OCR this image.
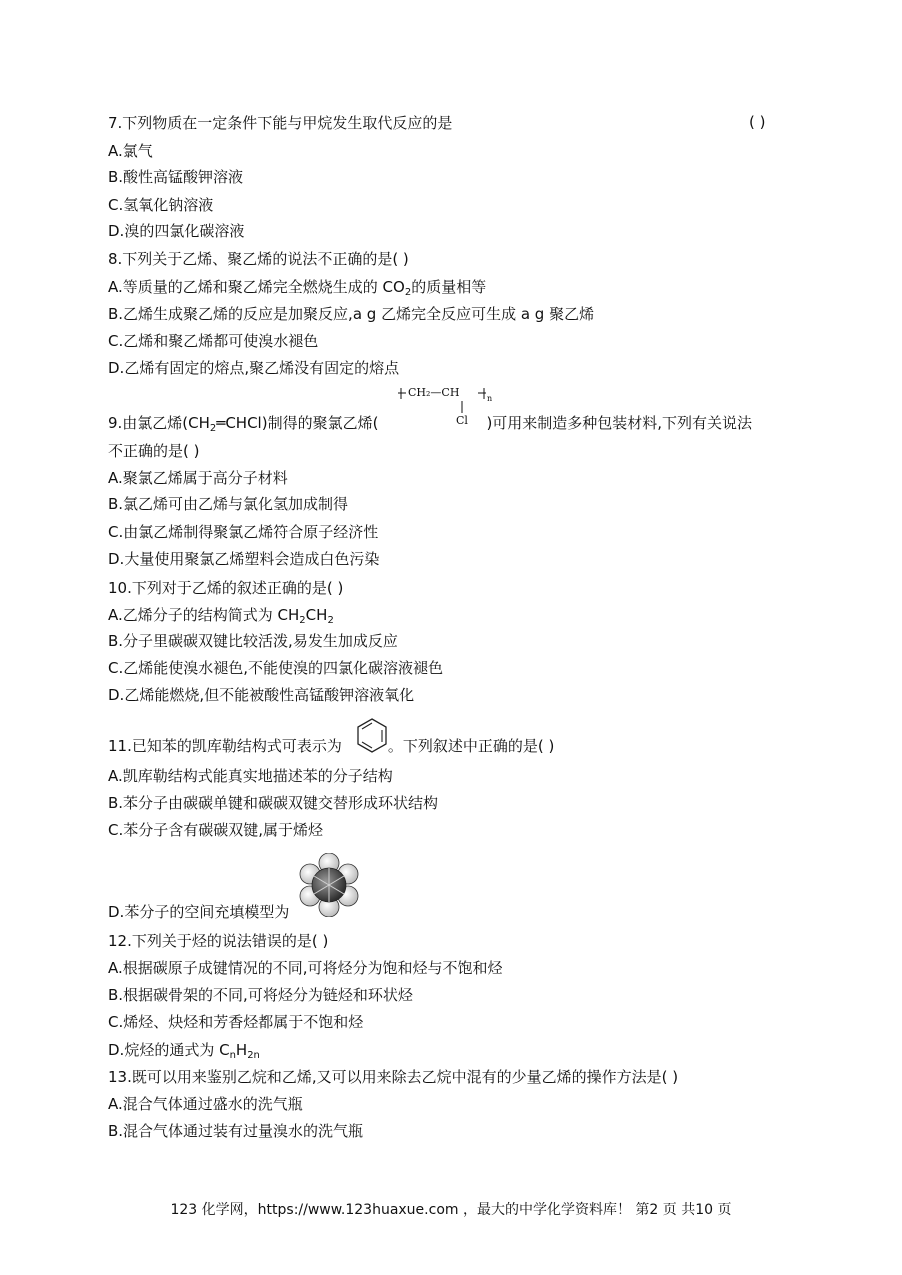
7.下列物质在一定条件下能与甲烷发生取代反应的是	( )
A.氯气
B.酸性高锰酸钾溶液
C.氢氧化钠溶液
D.溴的四氯化碳溶液
8.下列关于乙烯、聚乙烯的说法不正确的是( )
A.等质量的乙烯和聚乙烯完全燃烧生成的 $CO_2$的质量相等
B.乙烯生成聚乙烯的反应是加聚反应,a g 乙烯完全反应可生成 a g 聚乙烯
C.乙烯和聚乙烯都可使溴水褪色
D.乙烯有固定的熔点,聚乙烯没有固定的熔点
CH₂—CH	n
Cl
9.由氯乙烯$(CH_2═CHCl)$制得的聚氯乙烯(	)可用来制造多种包装材料,下列有关说法
不正确的是( )
A.聚氯乙烯属于高分子材料
B.氯乙烯可由乙烯与氯化氢加成制得
C.由氯乙烯制得聚氯乙烯符合原子经济性
D.大量使用聚氯乙烯塑料会造成白色污染
10.下列对于乙烯的叙述正确的是( )
A.乙烯分子的结构简式为 $CH_2CH_2$
B.分子里碳碳双键比较活泼,易发生加成反应
C.乙烯能使溴水褪色,不能使溴的四氯化碳溶液褪色
D.乙烯能燃烧,但不能被酸性高锰酸钾溶液氧化
11.已知苯的凯库勒结构式可表示为	。下列叙述中正确的是( )
A.凯库勒结构式能真实地描述苯的分子结构
B.苯分子由碳碳单键和碳碳双键交替形成环状结构
C.苯分子含有碳碳双键,属于烯烃
D.苯分子的空间充填模型为
12.下列关于烃的说法错误的是( )
A.根据碳原子成键情况的不同,可将烃分为饱和烃与不饱和烃
B.根据碳骨架的不同,可将烃分为链烃和环状烃
C.烯烃、炔烃和芳香烃都属于不饱和烃
D.烷烃的通式为 $C_nH_{2n}$
13.既可以用来鉴别乙烷和乙烯,又可以用来除去乙烷中混有的少量乙烯的操作方法是( )
A.混合气体通过盛水的洗气瓶
B.混合气体通过装有过量溴水的洗气瓶
123 化学网，https://www.123huaxue.com ，最大的中学化学资料库！ 第2 页 共10 页
